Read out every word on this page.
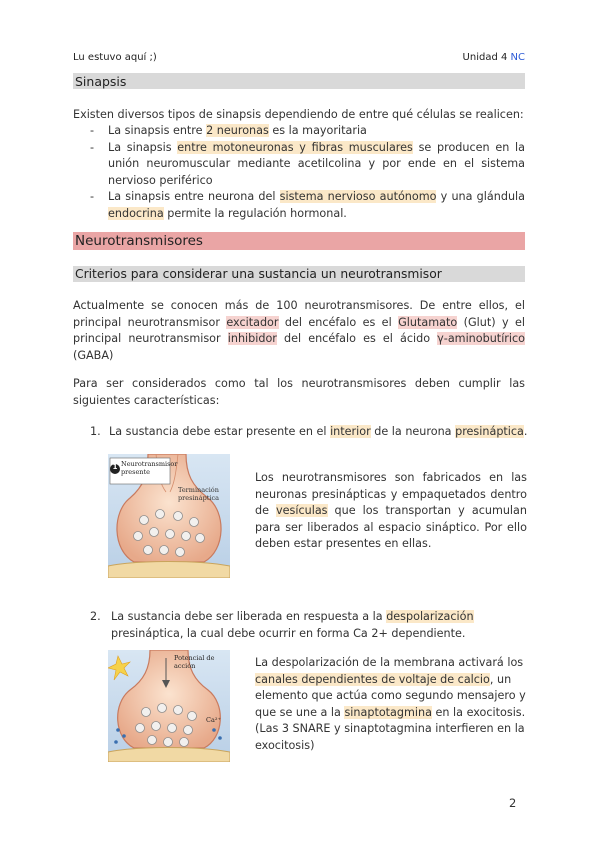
Lu estuvo aquí ;)	Unidad 4 NC
Sinapsis
Existen diversos tipos de sinapsis dependiendo de entre qué células se realicen:
- La sinapsis entre 2 neuronas es la mayoritaria
- La sinapsis entre motoneuronas y fibras musculares se producen en la unión neuromuscular mediante acetilcolina y por ende en el sistema nervioso periférico
- La sinapsis entre neurona del sistema nervioso autónomo y una glándula endocrina permite la regulación hormonal.
Neurotransmisores
Criterios para considerar una sustancia un neurotransmisor
Actualmente se conocen más de 100 neurotransmisores. De entre ellos, el principal neurotransmisor excitador del encéfalo es el Glutamato (Glut) y el principal neurotransmisor inhibidor del encéfalo es el ácido γ-aminobutírico (GABA)
Para ser considerados como tal los neurotransmisores deben cumplir las siguientes características:
1. La sustancia debe estar presente en el interior de la neurona presináptica.
1 Neurotransmisor presente
Terminación presináptica
Los neurotransmisores son fabricados en las neuronas presinápticas y empaquetados dentro de vesículas que los transportan y acumulan para ser liberados al espacio sináptico. Por ello deben estar presentes en ellas.
2. La sustancia debe ser liberada en respuesta a la despolarización presináptica, la cual debe ocurrir en forma Ca 2+ dependiente.
Potencial de acción
Ca²⁺
La despolarización de la membrana activará los canales dependientes de voltaje de calcio, un elemento que actúa como segundo mensajero y que se une a la sinaptotagmina en la exocitosis. (Las 3 SNARE y sinaptotagmina interfieren en la exocitosis)
2
